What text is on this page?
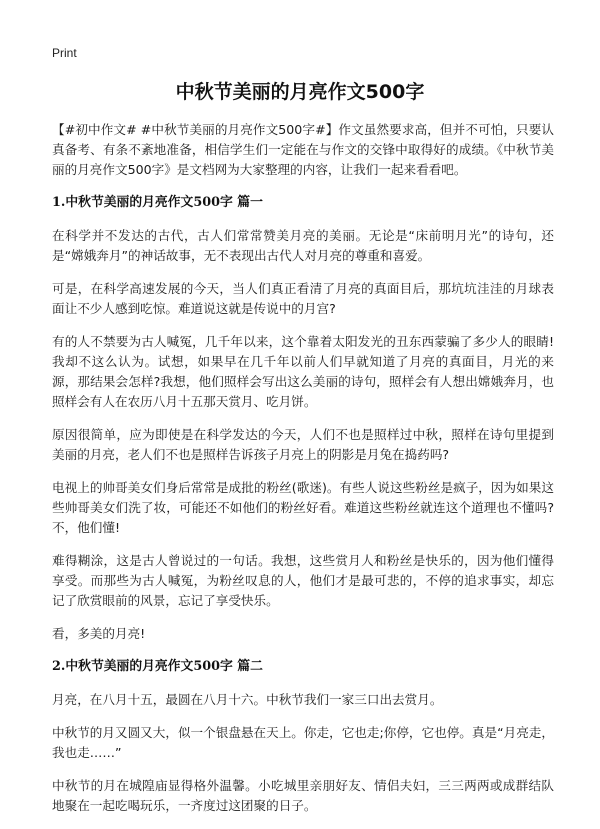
Print
中秋节美丽的月亮作文500字

【#初中作文# #中秋节美丽的月亮作文500字#】作文虽然要求高，但并不可怕，只要认真备考、有条不紊地准备，相信学生们一定能在与作文的交锋中取得好的成绩。《中秋节美丽的月亮作文500字》是文档网为大家整理的内容，让我们一起来看看吧。

1.中秋节美丽的月亮作文500字 篇一

在科学并不发达的古代，古人们常常赞美月亮的美丽。无论是“床前明月光”的诗句，还是“嫦娥奔月”的神话故事，无不表现出古代人对月亮的尊重和喜爱。

可是，在科学高速发展的今天，当人们真正看清了月亮的真面目后，那坑坑洼洼的月球表面让不少人感到吃惊。难道说这就是传说中的月宫?

有的人不禁要为古人喊冤，几千年以来，这个靠着太阳发光的丑东西蒙骗了多少人的眼睛!我却不这么认为。试想，如果早在几千年以前人们早就知道了月亮的真面目，月光的来源，那结果会怎样?我想，他们照样会写出这么美丽的诗句，照样会有人想出嫦娥奔月，也照样会有人在农历八月十五那天赏月、吃月饼。

原因很简单，应为即使是在科学发达的今天，人们不也是照样过中秋，照样在诗句里提到美丽的月亮，老人们不也是照样告诉孩子月亮上的阴影是月兔在捣药吗?

电视上的帅哥美女们身后常常是成批的粉丝(歌迷)。有些人说这些粉丝是疯子，因为如果这些帅哥美女们洗了妆，可能还不如他们的粉丝好看。难道这些粉丝就连这个道理也不懂吗?不，他们懂!

难得糊涂，这是古人曾说过的一句话。我想，这些赏月人和粉丝是快乐的，因为他们懂得享受。而那些为古人喊冤，为粉丝叹息的人，他们才是最可悲的，不停的追求事实，却忘记了欣赏眼前的风景，忘记了享受快乐。

看，多美的月亮!

2.中秋节美丽的月亮作文500字 篇二

月亮，在八月十五，最圆在八月十六。中秋节我们一家三口出去赏月。

中秋节的月又圆又大，似一个银盘悬在天上。你走，它也走;你停，它也停。真是“月亮走，我也走……”

中秋节的月在城隍庙显得格外温馨。小吃城里亲朋好友、情侣夫妇，三三两两或成群结队地聚在一起吃喝玩乐，一齐度过这团聚的日子。
